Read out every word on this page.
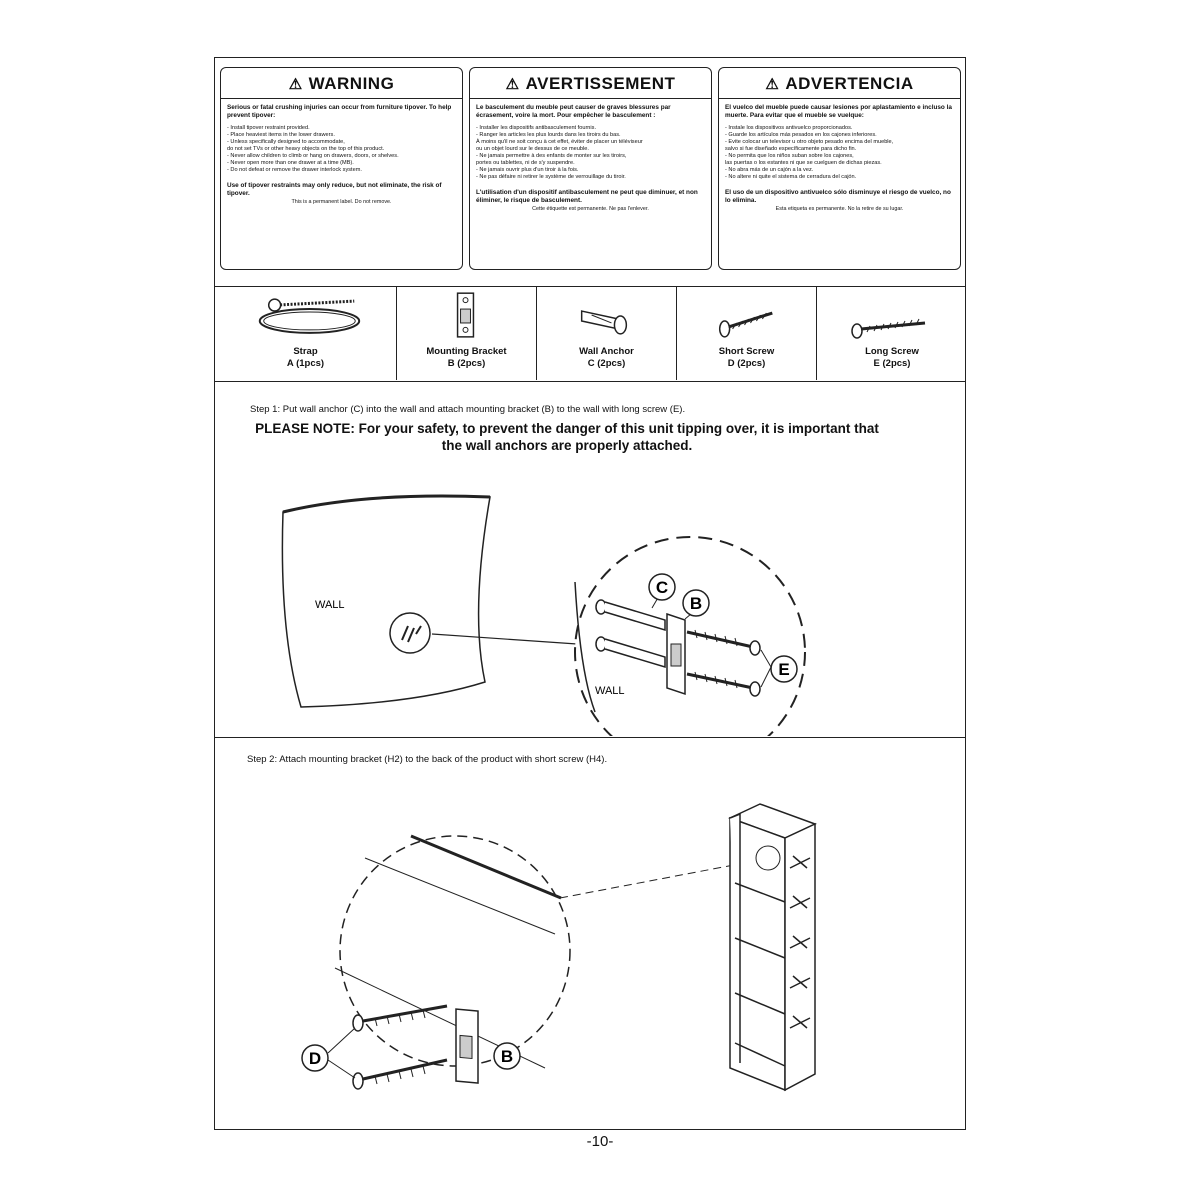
⚠ WARNING

Serious or fatal crushing injuries can occur from furniture tipover. To help prevent tipover:

- Install tipover restraint provided.
- Place heaviest items in the lower drawers.
- Unless specifically designed to accommodate,
do not set TVs or other heavy objects on the top of this product.
- Never allow children to climb or hang on drawers, doors, or shelves.
- Never open more than one drawer at a time (MB).
- Do not defeat or remove the drawer interlock system.
Use of tipover restraints may only reduce, but not eliminate, the risk of tipover.
This is a permanent label. Do not remove.
⚠ AVERTISSEMENT

Le basculement du meuble peut causer de graves blessures par écrasement, voire la mort. Pour empêcher le basculement :

- Installer les dispositifs antibasculement fournis.
- Ranger les articles les plus lourds dans les tiroirs du bas.
À moins qu'il ne soit conçu à cet effet, éviter de placer un téléviseur
ou un objet lourd sur le dessus de ce meuble.
- Ne jamais permettre à des enfants de monter sur les tiroirs,
portes ou tablettes, ni de s'y suspendre.
- Ne jamais ouvrir plus d'un tiroir à la fois.
- Ne pas défaire ni retirer le système de verrouillage du tiroir.
L'utilisation d'un dispositif antibasculement ne peut que diminuer, et non éliminer, le risque de basculement.
Cette étiquette est permanente. Ne pas l'enlever.
⚠ ADVERTENCIA

El vuelco del mueble puede causar lesiones por aplastamiento e incluso la muerte. Para evitar que el mueble se vuelque:

- Instale los dispositivos antivuelco proporcionados.
- Guarde los artículos más pesados en los cajones inferiores.
- Evite colocar un televisor u otro objeto pesado encima del mueble,
salvo si fue diseñado específicamente para dicho fin.
- No permita que los niños suban sobre los cajones,
las puertas o los estantes ni que se cuelguen de dichas piezas.
- No abra más de un cajón a la vez.
- No altere ni quite el sistema de cerradura del cajón.
El uso de un dispositivo antivuelco sólo disminuye el riesgo de vuelco, no lo elimina.
Esta etiqueta es permanente. No la retire de su lugar.
Strap
A (1pcs)
Mounting Bracket
B (2pcs)
Wall Anchor
C (2pcs)
Short Screw
D (2pcs)
Long Screw
E (2pcs)
Step 1: Put wall anchor (C) into the wall and attach mounting bracket (B) to the wall with long screw (E).
PLEASE NOTE: For your safety, to prevent the danger of this unit tipping over, it is important that the wall anchors are properly attached.
WALL
WALL
C
B
E
Step 2: Attach mounting bracket (H2) to the back of the product with short screw (H4).
D	B
-10-
